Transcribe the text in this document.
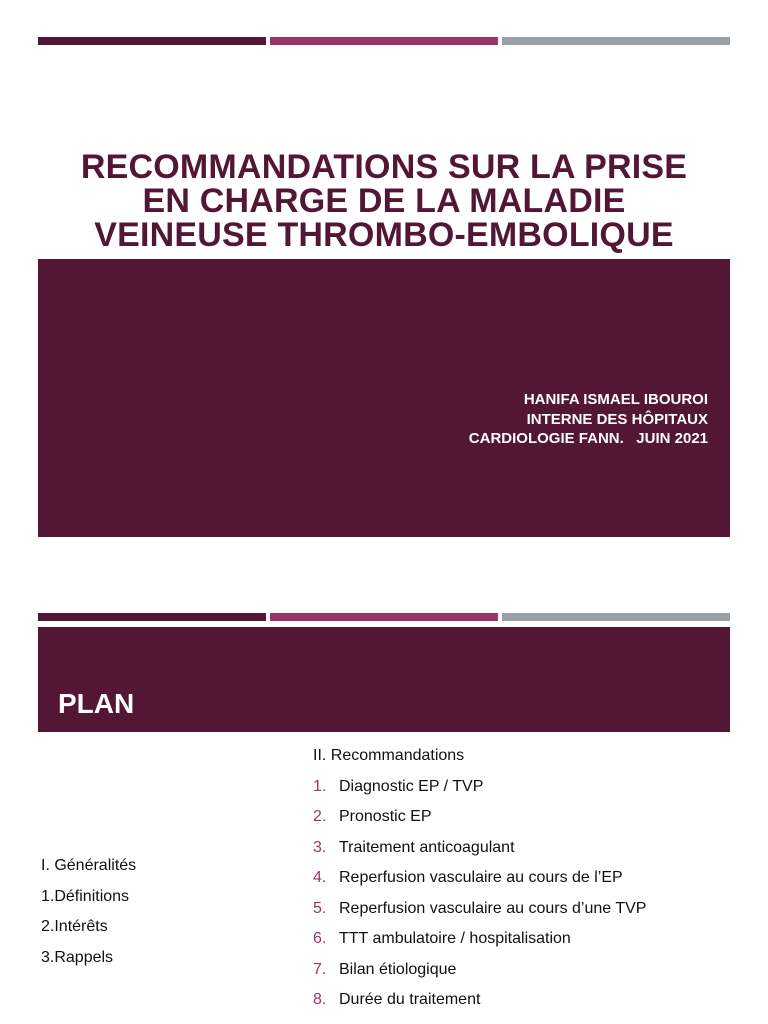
RECOMMANDATIONS SUR LA PRISE
EN CHARGE DE LA MALADIE
VEINEUSE THROMBO-EMBOLIQUE
HANIFA ISMAEL IBOUROI
INTERNE DES HÔPITAUX
CARDIOLOGIE FANN.   JUIN 2021
PLAN
I. Généralités
1.Définitions
2.Intérêts
3.Rappels
II. Recommandations
1. Diagnostic EP / TVP
2. Pronostic EP
3. Traitement anticoagulant
4. Reperfusion vasculaire au cours de l’EP
5. Reperfusion vasculaire au cours d’une TVP
6. TTT ambulatoire / hospitalisation
7. Bilan étiologique
8. Durée du traitement
